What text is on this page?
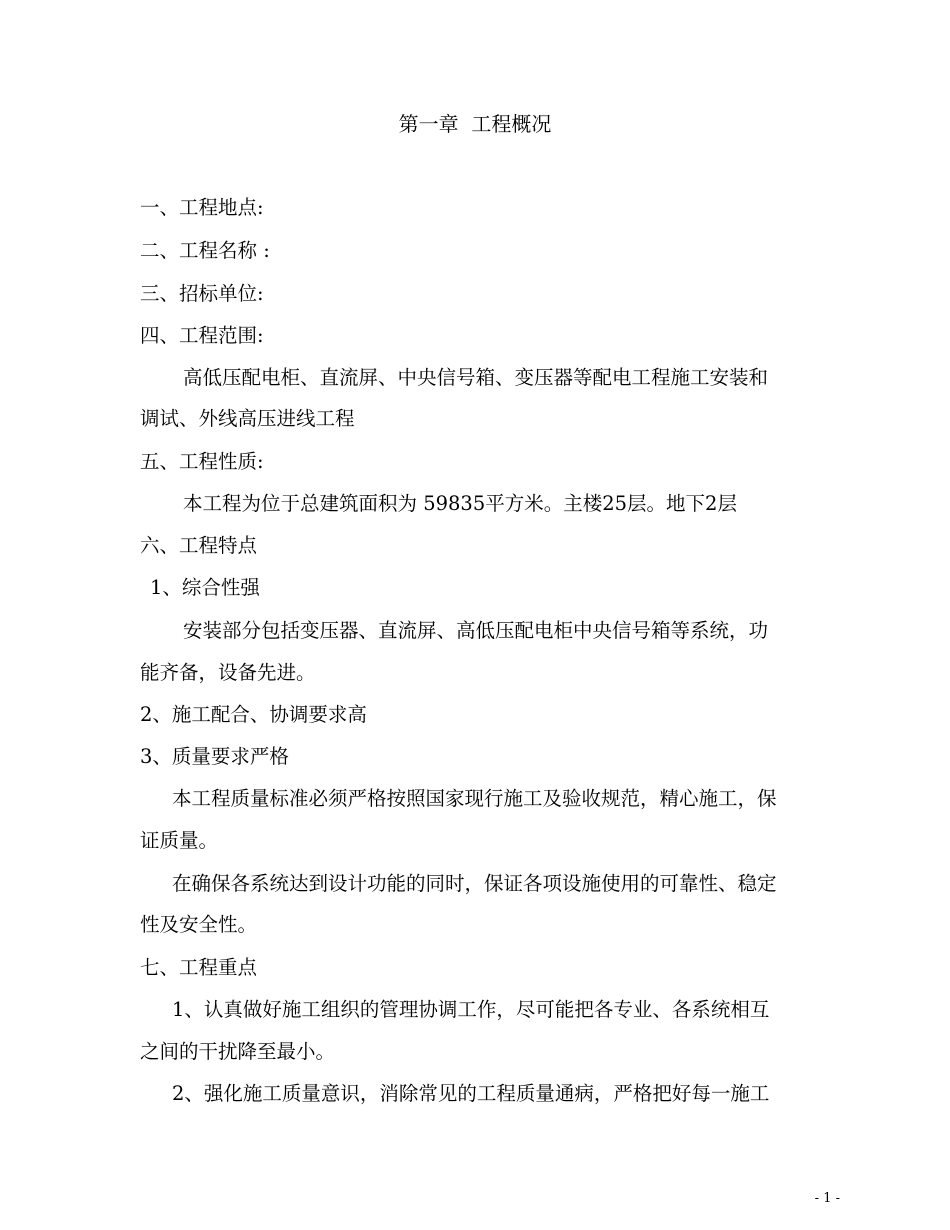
第一章  工程概况
一、工程地点:
二、工程名称 :
三、招标单位:
四、工程范围:
高低压配电柜、直流屏、中央信号箱、变压器等配电工程施工安装和
调试、外线高压进线工程
五、工程性质:
本工程为位于总建筑面积为 59835平方米。主楼25层。地下2层
六、工程特点
1、综合性强
安装部分包括变压器、直流屏、高低压配电柜中央信号箱等系统，功
能齐备，设备先进。
2、施工配合、协调要求高
3、质量要求严格
本工程质量标准必须严格按照国家现行施工及验收规范，精心施工，保
证质量。
在确保各系统达到设计功能的同时，保证各项设施使用的可靠性、稳定
性及安全性。
七、工程重点
1、认真做好施工组织的管理协调工作，尽可能把各专业、各系统相互
之间的干扰降至最小。
2、强化施工质量意识，消除常见的工程质量通病，严格把好每一施工
- 1 -
